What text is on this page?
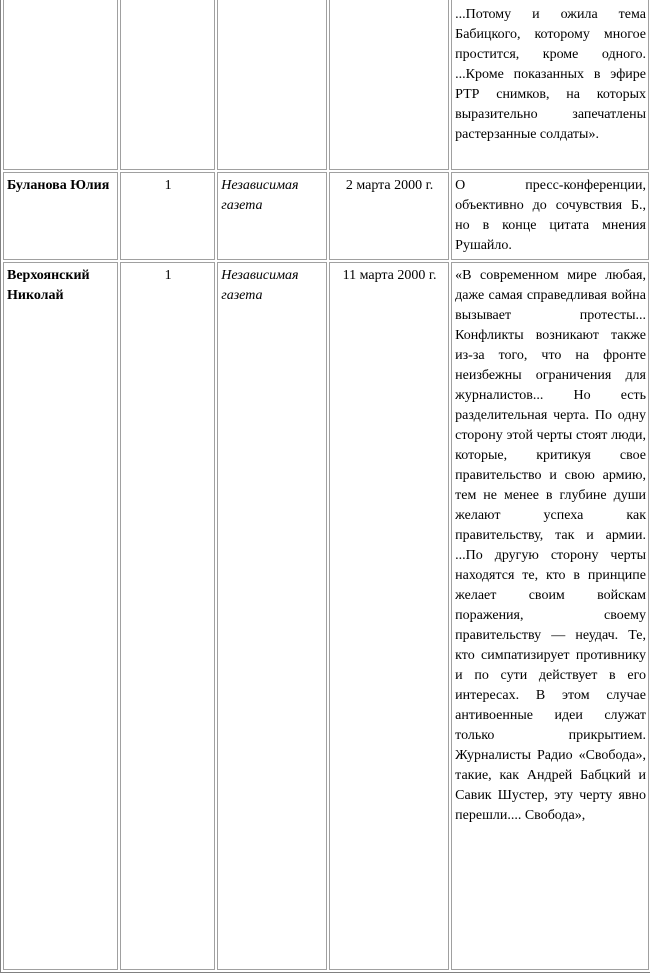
				...Потому и ожила тема Бабицкого, которому многое простится, кроме одного. ...Кроме показанных в эфире РТР снимков, на которых выразительно запечатлены растерзанные солдаты».
Буланова Юлия	1	Независимая газета	2 марта 2000 г.	О пресс-конференции, объективно до сочувствия Б., но в конце цитата мнения Рушайло.
Верхоянский Николай	1	Независимая газета	11 марта 2000 г.	«В современном мире любая, даже самая справедливая война вызывает протесты... Конфликты возникают также из-за того, что на фронте неизбежны ограничения для журналистов... Но есть разделительная черта. По одну сторону этой черты стоят люди, которые, критикуя свое правительство и свою армию, тем не менее в глубине души желают успеха как правительству, так и армии. ...По другую сторону черты находятся те, кто в принципе желает своим войскам поражения, своему правительству — неудач. Те, кто симпатизирует противнику и по сути действует в его интересах. В этом случае антивоенные идеи служат только прикрытием. Журналисты Радио «Свобода», такие, как Андрей Бабцкий и Савик Шустер, эту черту явно перешли.... Свобода»,
